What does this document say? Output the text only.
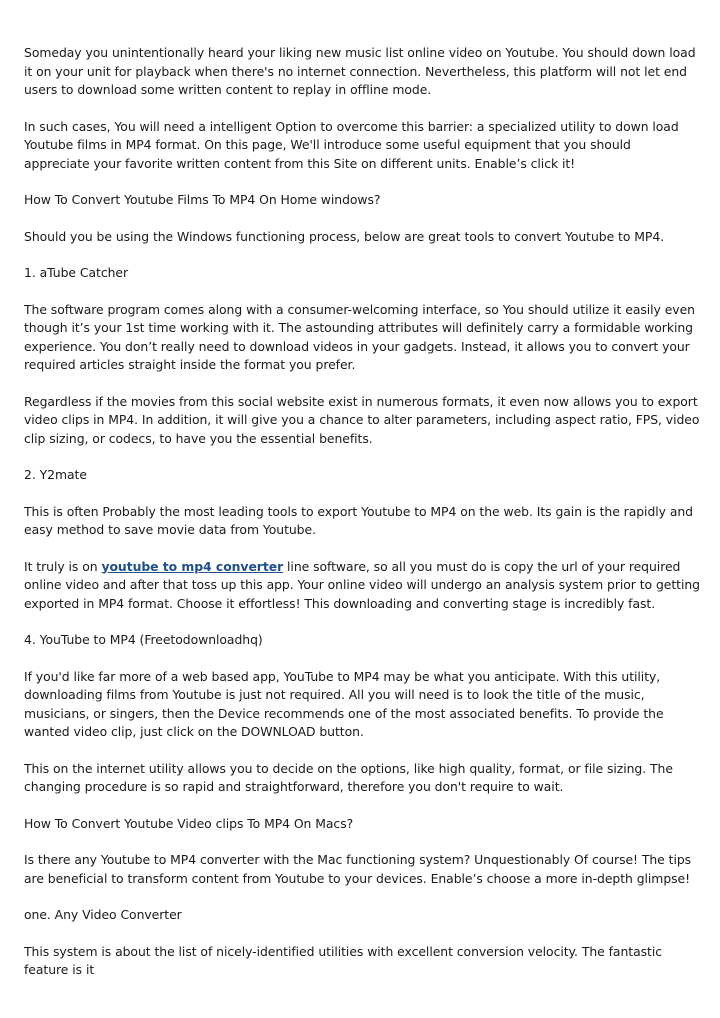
Someday you unintentionally heard your liking new music list online video on Youtube. You should down load it on your unit for playback when there's no internet connection. Nevertheless, this platform will not let end users to download some written content to replay in offline mode.

In such cases, You will need a intelligent Option to overcome this barrier: a specialized utility to down load Youtube films in MP4 format. On this page, We'll introduce some useful equipment that you should appreciate your favorite written content from this Site on different units. Enable’s click it!

How To Convert Youtube Films To MP4 On Home windows?

Should you be using the Windows functioning process, below are great tools to convert Youtube to MP4.

1. aTube Catcher

The software program comes along with a consumer-welcoming interface, so You should utilize it easily even though it’s your 1st time working with it. The astounding attributes will definitely carry a formidable working experience. You don’t really need to download videos in your gadgets. Instead, it allows you to convert your required articles straight inside the format you prefer.

Regardless if the movies from this social website exist in numerous formats, it even now allows you to export video clips in MP4. In addition, it will give you a chance to alter parameters, including aspect ratio, FPS, video clip sizing, or codecs, to have you the essential benefits.

2. Y2mate

This is often Probably the most leading tools to export Youtube to MP4 on the web. Its gain is the rapidly and easy method to save movie data from Youtube.

It truly is on youtube to mp4 converter line software, so all you must do is copy the url of your required online video and after that toss up this app. Your online video will undergo an analysis system prior to getting exported in MP4 format. Choose it effortless! This downloading and converting stage is incredibly fast.

4. YouTube to MP4 (Freetodownloadhq)

If you'd like far more of a web based app, YouTube to MP4 may be what you anticipate. With this utility, downloading films from Youtube is just not required. All you will need is to look the title of the music, musicians, or singers, then the Device recommends one of the most associated benefits. To provide the wanted video clip, just click on the DOWNLOAD button.

This on the internet utility allows you to decide on the options, like high quality, format, or file sizing. The changing procedure is so rapid and straightforward, therefore you don't require to wait.

How To Convert Youtube Video clips To MP4 On Macs?

Is there any Youtube to MP4 converter with the Mac functioning system? Unquestionably Of course! The tips are beneficial to transform content from Youtube to your devices. Enable’s choose a more in-depth glimpse!

one. Any Video Converter

This system is about the list of nicely-identified utilities with excellent conversion velocity. The fantastic feature is it
